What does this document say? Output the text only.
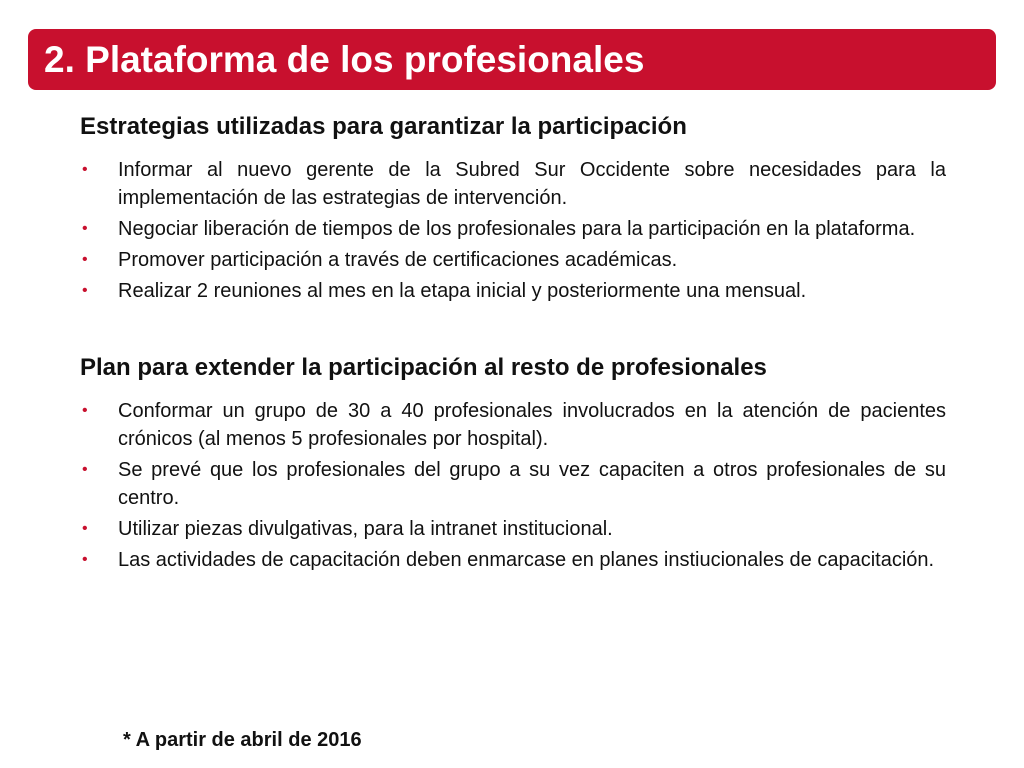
2. Plataforma de los profesionales
Estrategias utilizadas para garantizar la participación
• Informar al nuevo gerente de la Subred Sur Occidente sobre necesidades para la implementación de las estrategias de intervención.
• Negociar liberación de tiempos de los profesionales para la participación en la plataforma.
• Promover participación a través de certificaciones académicas.
• Realizar 2 reuniones al mes en la etapa inicial y posteriormente una mensual.
Plan para extender la participación al resto de profesionales
• Conformar un grupo de 30 a 40 profesionales involucrados en la atención de pacientes crónicos (al menos 5 profesionales por hospital).
• Se prevé que los profesionales del grupo a su vez capaciten a otros profesionales de su centro.
• Utilizar piezas divulgativas, para la intranet institucional.
• Las actividades de capacitación deben enmarcase en planes instiucionales de capacitación.
* A partir de abril de 2016
